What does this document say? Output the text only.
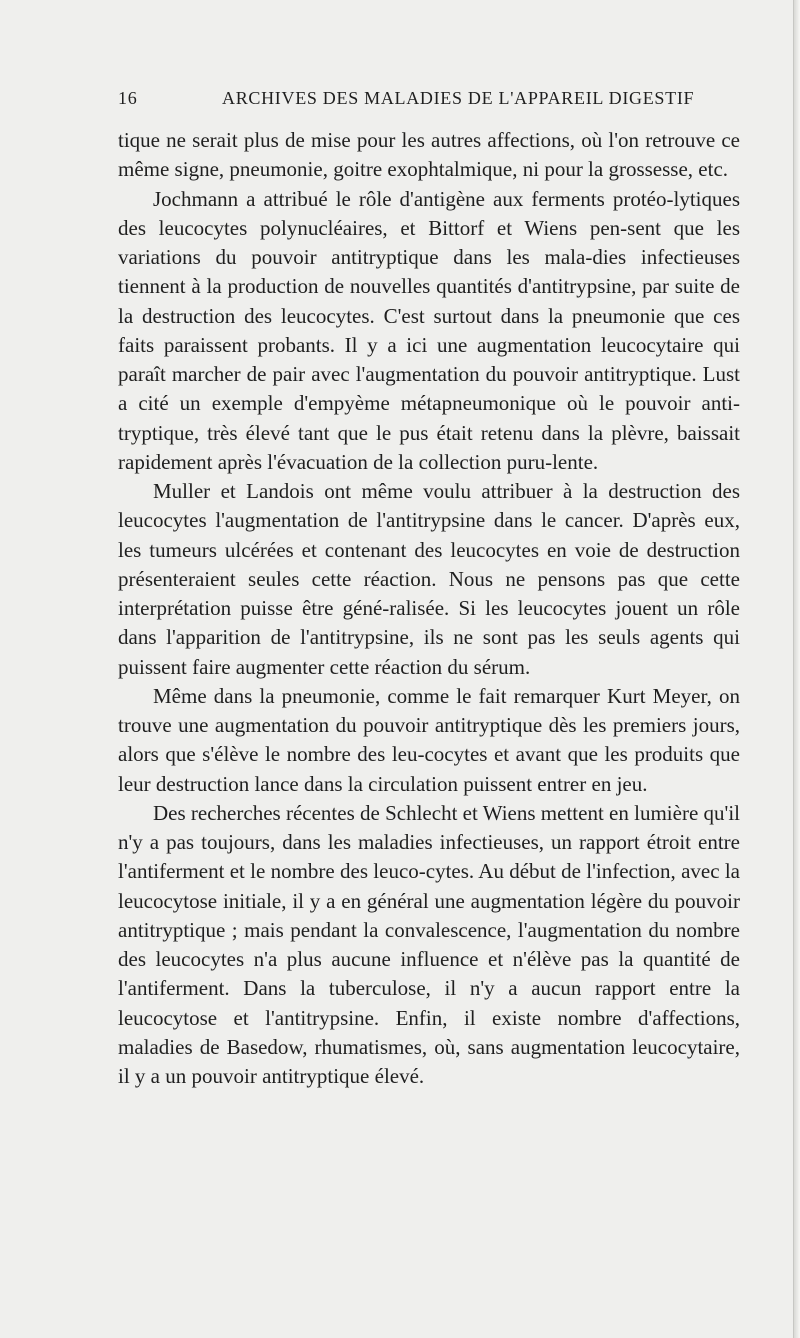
16	ARCHIVES DES MALADIES DE L'APPAREIL DIGESTIF

tique ne serait plus de mise pour les autres affections, où l'on retrouve ce même signe, pneumonie, goitre exophtalmique, ni pour la grossesse, etc.

Jochmann a attribué le rôle d'antigène aux ferments protéo-lytiques des leucocytes polynucléaires, et Bittorf et Wiens pen-sent que les variations du pouvoir antitryptique dans les mala-dies infectieuses tiennent à la production de nouvelles quantités d'antitrypsine, par suite de la destruction des leucocytes. C'est surtout dans la pneumonie que ces faits paraissent probants. Il y a ici une augmentation leucocytaire qui paraît marcher de pair avec l'augmentation du pouvoir antitryptique. Lust a cité un exemple d'empyème métapneumonique où le pouvoir anti-tryptique, très élevé tant que le pus était retenu dans la plèvre, baissait rapidement après l'évacuation de la collection puru-lente.

Muller et Landois ont même voulu attribuer à la destruction des leucocytes l'augmentation de l'antitrypsine dans le cancer. D'après eux, les tumeurs ulcérées et contenant des leucocytes en voie de destruction présenteraient seules cette réaction. Nous ne pensons pas que cette interprétation puisse être géné-ralisée. Si les leucocytes jouent un rôle dans l'apparition de l'antitrypsine, ils ne sont pas les seuls agents qui puissent faire augmenter cette réaction du sérum.

Même dans la pneumonie, comme le fait remarquer Kurt Meyer, on trouve une augmentation du pouvoir antitryptique dès les premiers jours, alors que s'élève le nombre des leu-cocytes et avant que les produits que leur destruction lance dans la circulation puissent entrer en jeu.

Des recherches récentes de Schlecht et Wiens mettent en lumière qu'il n'y a pas toujours, dans les maladies infectieuses, un rapport étroit entre l'antiferment et le nombre des leuco-cytes. Au début de l'infection, avec la leucocytose initiale, il y a en général une augmentation légère du pouvoir antitryptique ; mais pendant la convalescence, l'augmentation du nombre des leucocytes n'a plus aucune influence et n'élève pas la quantité de l'antiferment. Dans la tuberculose, il n'y a aucun rapport entre la leucocytose et l'antitrypsine. Enfin, il existe nombre d'affections, maladies de Basedow, rhumatismes, où, sans augmentation leucocytaire, il y a un pouvoir antitryptique élevé.
